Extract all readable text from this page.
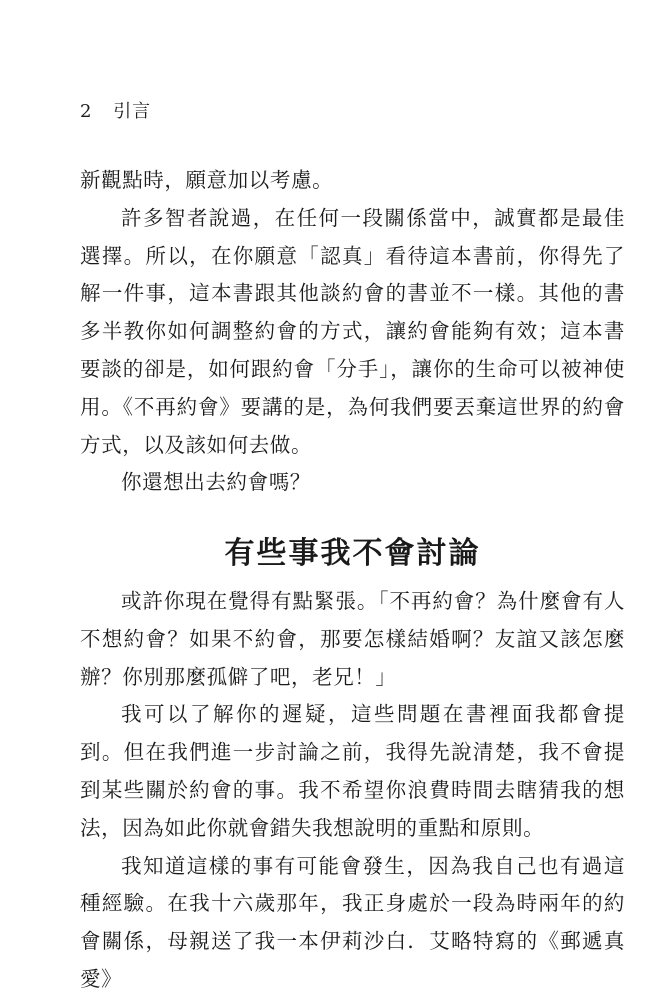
2 引言

新觀點時，願意加以考慮。

許多智者說過，在任何一段關係當中，誠實都是最佳選擇。所以，在你願意「認真」看待這本書前，你得先了解一件事，這本書跟其他談約會的書並不一樣。其他的書多半教你如何調整約會的方式，讓約會能夠有效；這本書要談的卻是，如何跟約會「分手」，讓你的生命可以被神使用。《不再約會》要講的是，為何我們要丟棄這世界的約會方式，以及該如何去做。

你還想出去約會嗎？

有些事我不會討論

或許你現在覺得有點緊張。「不再約會？為什麼會有人不想約會？如果不約會，那要怎樣結婚啊？友誼又該怎麼辦？你別那麼孤僻了吧，老兄！」

我可以了解你的遲疑，這些問題在書裡面我都會提到。但在我們進一步討論之前，我得先說清楚，我不會提到某些關於約會的事。我不希望你浪費時間去瞎猜我的想法，因為如此你就會錯失我想說明的重點和原則。

我知道這樣的事有可能會發生，因為我自己也有過這種經驗。在我十六歲那年，我正身處於一段為時兩年的約會關係，母親送了我一本伊莉沙白．艾略特寫的《郵遞真愛》
